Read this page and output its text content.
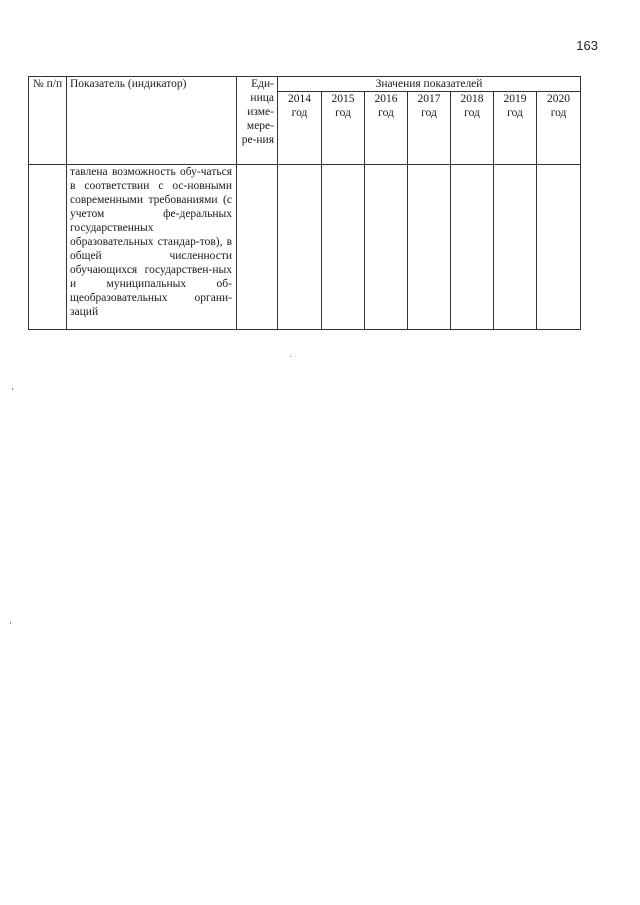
163
№ п/п	Показатель (индикатор)	Еди-ница изме-мере-ре-ния	Значения показателей						
			2014 год	2015 год	2016 год	2017 год	2018 год	2019 год	2020 год
	тавлена возможность обу-чаться в соответствии с ос-новными современными требованиями (с учетом фе-деральных государственных образовательных стандар-тов), в общей численности обучающихся государствен-ных и муниципальных об-щеобразовательных органи-заций								
